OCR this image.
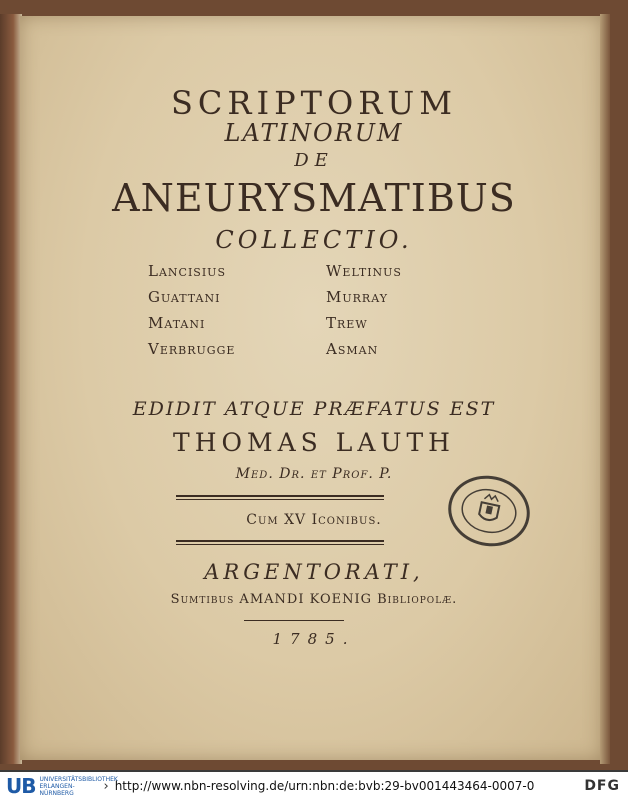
SCRIPTORUM
LATINORUM
DE
ANEURYSMATIBUS
COLLECTIO.
Lancisius	Weltinus
Guattani	Murray
Matani	Trew
Verbrugge	Asman
EDIDIT ATQUE PRÆFATUS EST
THOMAS LAUTH
Med. Dr. et Prof. P.
Cum XV Iconibus.
ARGENTORATI,
Sumtibus AMANDI KOENIG Bibliopolæ.
1785.
UB UNIVERSITÄTSBIBLIOTHEK ERLANGEN-NÜRNBERG	› http://www.nbn-resolving.de/urn:nbn:de:bvb:29-bv001443464-0007-0	DFG
